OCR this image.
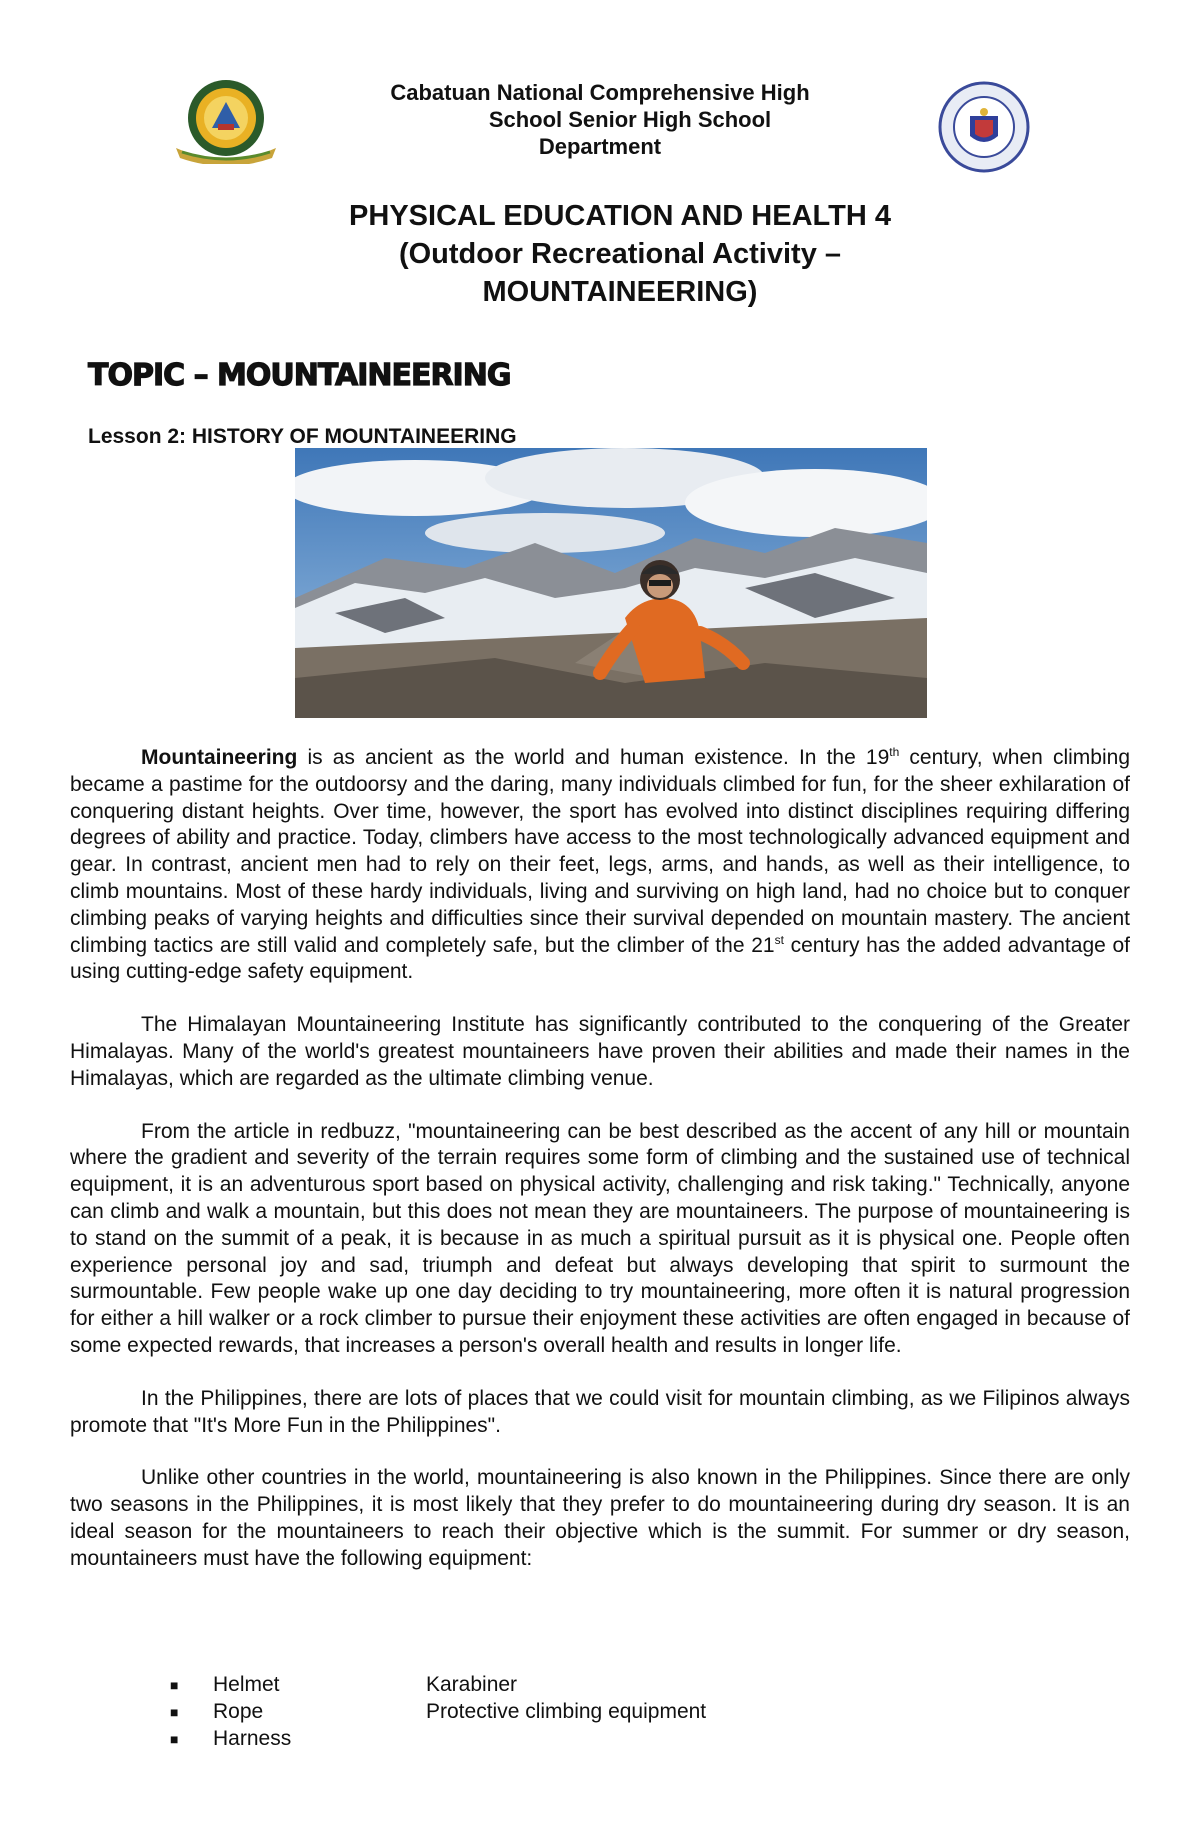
Cabatuan National Comprehensive High
School Senior High School
Department
PHYSICAL EDUCATION AND HEALTH 4
(Outdoor Recreational Activity –
MOUNTAINEERING)
TOPIC – MOUNTAINEERING
Lesson 2: HISTORY OF MOUNTAINEERING

Mountaineering is as ancient as the world and human existence. In the 19th century, when climbing became a pastime for the outdoorsy and the daring, many individuals climbed for fun, for the sheer exhilaration of conquering distant heights. Over time, however, the sport has evolved into distinct disciplines requiring differing degrees of ability and practice. Today, climbers have access to the most technologically advanced equipment and gear. In contrast, ancient men had to rely on their feet, legs, arms, and hands, as well as their intelligence, to climb mountains. Most of these hardy individuals, living and surviving on high land, had no choice but to conquer climbing peaks of varying heights and difficulties since their survival depended on mountain mastery. The ancient climbing tactics are still valid and completely safe, but the climber of the 21st century has the added advantage of using cutting-edge safety equipment.

The Himalayan Mountaineering Institute has significantly contributed to the conquering of the Greater Himalayas. Many of the world's greatest mountaineers have proven their abilities and made their names in the Himalayas, which are regarded as the ultimate climbing venue.

From the article in redbuzz, "mountaineering can be best described as the accent of any hill or mountain where the gradient and severity of the terrain requires some form of climbing and the sustained use of technical equipment, it is an adventurous sport based on physical activity, challenging and risk taking." Technically, anyone can climb and walk a mountain, but this does not mean they are mountaineers. The purpose of mountaineering is to stand on the summit of a peak, it is because in as much a spiritual pursuit as it is physical one. People often experience personal joy and sad, triumph and defeat but always developing that spirit to surmount the surmountable. Few people wake up one day deciding to try mountaineering, more often it is natural progression for either a hill walker or a rock climber to pursue their enjoyment these activities are often engaged in because of some expected rewards, that increases a person's overall health and results in longer life.

In the Philippines, there are lots of places that we could visit for mountain climbing, as we Filipinos always promote that "It's More Fun in the Philippines".

Unlike other countries in the world, mountaineering is also known in the Philippines. Since there are only two seasons in the Philippines, it is most likely that they prefer to do mountaineering during dry season. It is an ideal season for the mountaineers to reach their objective which is the summit. For summer or dry season, mountaineers must have the following equipment:

■	Helmet	Karabiner
■	Rope	Protective climbing equipment
■	Harness
